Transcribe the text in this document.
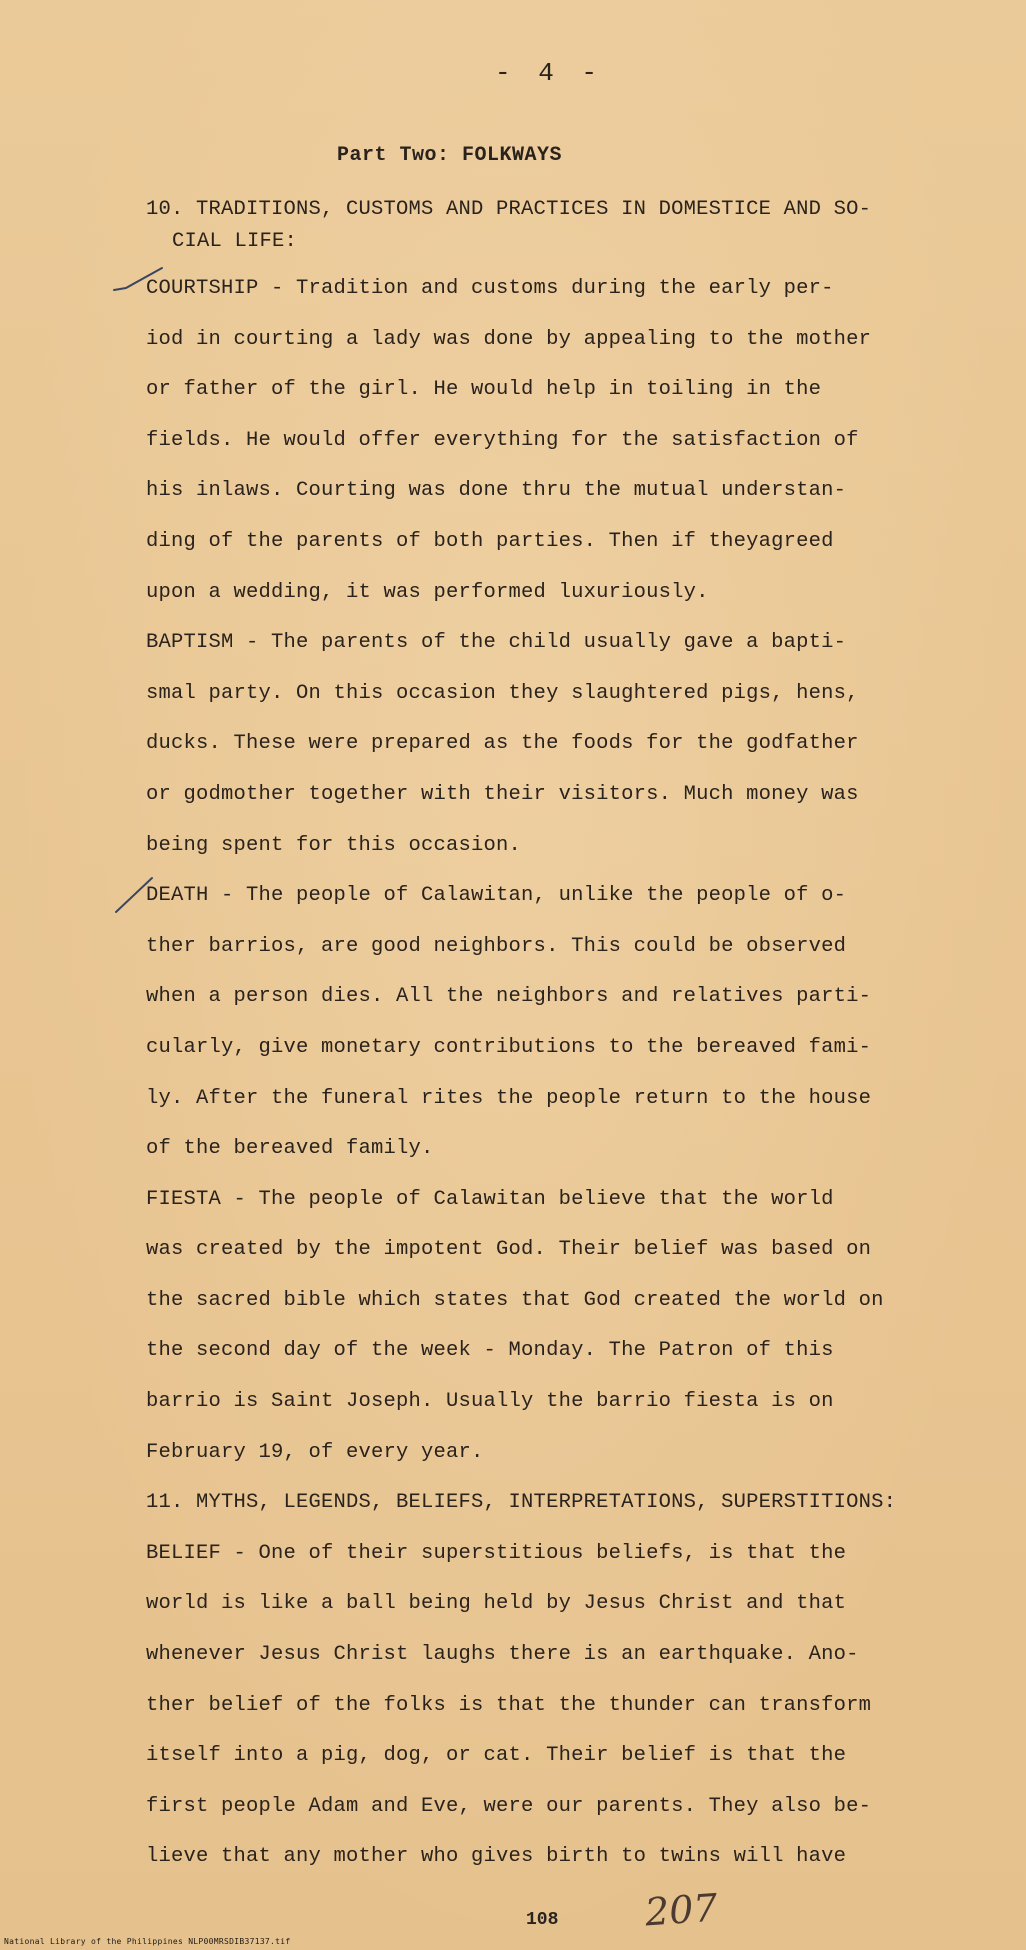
- 4 -
Part Two: FOLKWAYS
10. TRADITIONS, CUSTOMS AND PRACTICES IN DOMESTICE AND SO-
CIAL LIFE:
COURTSHIP - Tradition and customs during the early per-
iod in courting a lady was done by appealing to the mother
or father of the girl. He would help in toiling in the
fields. He would offer everything for the satisfaction of
his inlaws. Courting was done thru the mutual understan-
ding of the parents of both parties. Then if theyagreed
upon a wedding, it was performed luxuriously.
BAPTISM - The parents of the child usually gave a bapti-
smal party. On this occasion they slaughtered pigs, hens,
ducks. These were prepared as the foods for the godfather
or godmother together with their visitors. Much money was
being spent for this occasion.
DEATH - The people of Calawitan, unlike the people of o-
ther barrios, are good neighbors. This could be observed
when a person dies. All the neighbors and relatives parti-
cularly, give monetary contributions to the bereaved fami-
ly. After the funeral rites the people return to the house
of the bereaved family.
FIESTA - The people of Calawitan believe that the world
was created by the impotent God. Their belief was based on
the sacred bible which states that God created the world on
the second day of the week - Monday. The Patron of this
barrio is Saint Joseph. Usually the barrio fiesta is on
February 19, of every year.
11. MYTHS, LEGENDS, BELIEFS, INTERPRETATIONS, SUPERSTITIONS:
BELIEF - One of their superstitious beliefs, is that the
world is like a ball being held by Jesus Christ and that
whenever Jesus Christ laughs there is an earthquake. Ano-
ther belief of the folks is that the thunder can transform
itself into a pig, dog, or cat. Their belief is that the
first people Adam and Eve, were our parents. They also be-
lieve that any mother who gives birth to twins will have
108 207
National Library of the Philippines NLP00MRSDIB37137.tif
